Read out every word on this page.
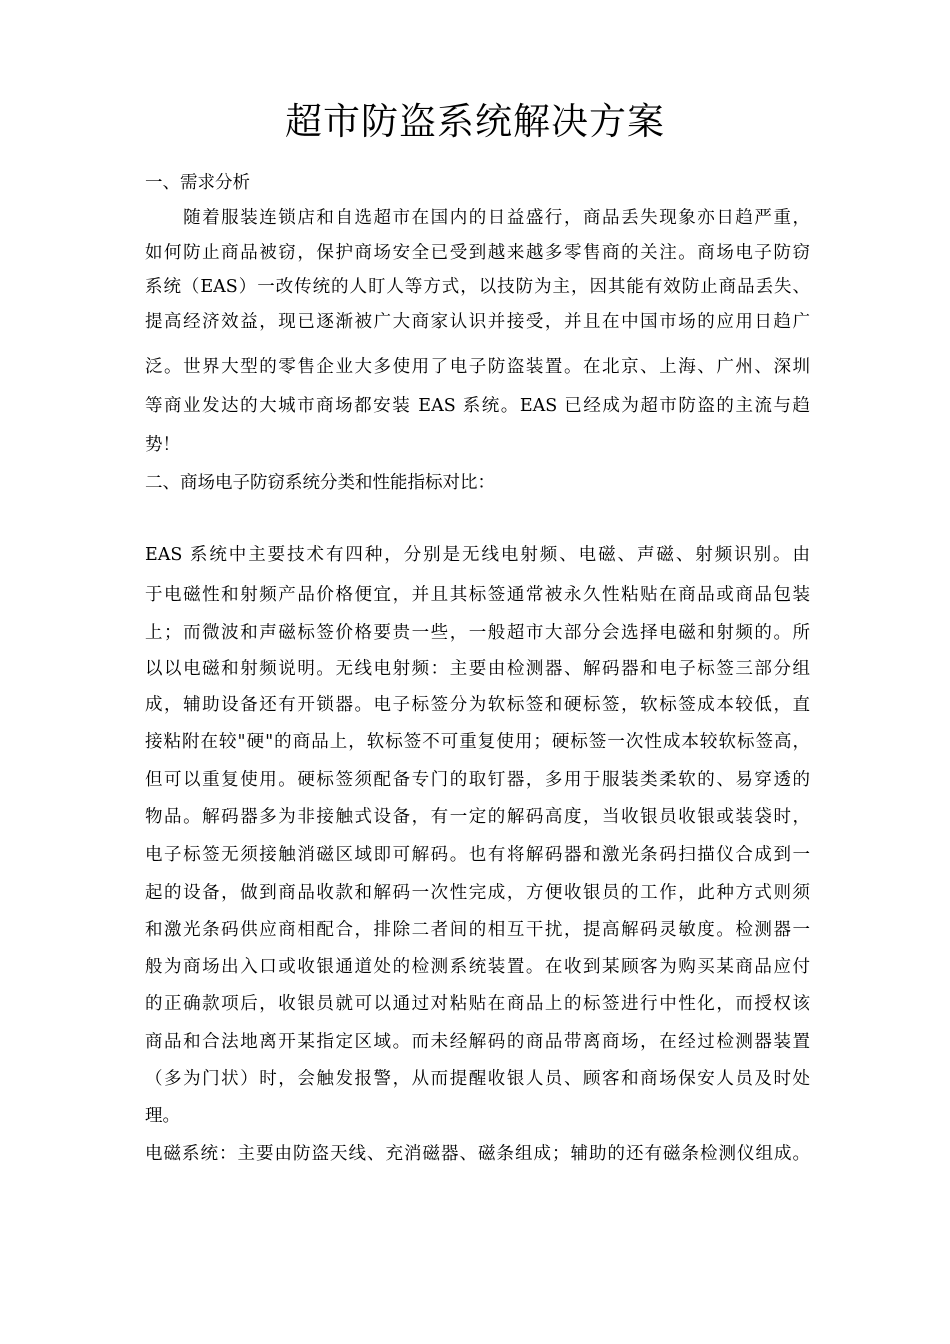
超市防盗系统解决方案
一、需求分析
　　随着服装连锁店和自选超市在国内的日益盛行，商品丢失现象亦日趋严重，
如何防止商品被窃，保护商场安全已受到越来越多零售商的关注。商场电子防窃
系统（EAS）一改传统的人盯人等方式，以技防为主，因其能有效防止商品丢失、
提高经济效益，现已逐渐被广大商家认识并接受，并且在中国市场的应用日趋广
泛。世界大型的零售企业大多使用了电子防盗装置。在北京、上海、广州、深圳
等商业发达的大城市商场都安装 EAS 系统。EAS 已经成为超市防盗的主流与趋
势！
二、商场电子防窃系统分类和性能指标对比：
EAS 系统中主要技术有四种，分别是无线电射频、电磁、声磁、射频识别。由
于电磁性和射频产品价格便宜，并且其标签通常被永久性粘贴在商品或商品包装
上；而微波和声磁标签价格要贵一些，一般超市大部分会选择电磁和射频的。所
以以电磁和射频说明。无线电射频：主要由检测器、解码器和电子标签三部分组
成，辅助设备还有开锁器。电子标签分为软标签和硬标签，软标签成本较低，直
接粘附在较"硬"的商品上，软标签不可重复使用；硬标签一次性成本较软标签高，
但可以重复使用。硬标签须配备专门的取钉器，多用于服装类柔软的、易穿透的
物品。解码器多为非接触式设备，有一定的解码高度，当收银员收银或装袋时，
电子标签无须接触消磁区域即可解码。也有将解码器和激光条码扫描仪合成到一
起的设备，做到商品收款和解码一次性完成，方便收银员的工作，此种方式则须
和激光条码供应商相配合，排除二者间的相互干扰，提高解码灵敏度。检测器一
般为商场出入口或收银通道处的检测系统装置。在收到某顾客为购买某商品应付
的正确款项后，收银员就可以通过对粘贴在商品上的标签进行中性化，而授权该
商品和合法地离开某指定区域。而未经解码的商品带离商场，在经过检测器装置
（多为门状）时，会触发报警，从而提醒收银人员、顾客和商场保安人员及时处
理。
电磁系统：主要由防盗天线、充消磁器、磁条组成；辅助的还有磁条检测仪组成。
